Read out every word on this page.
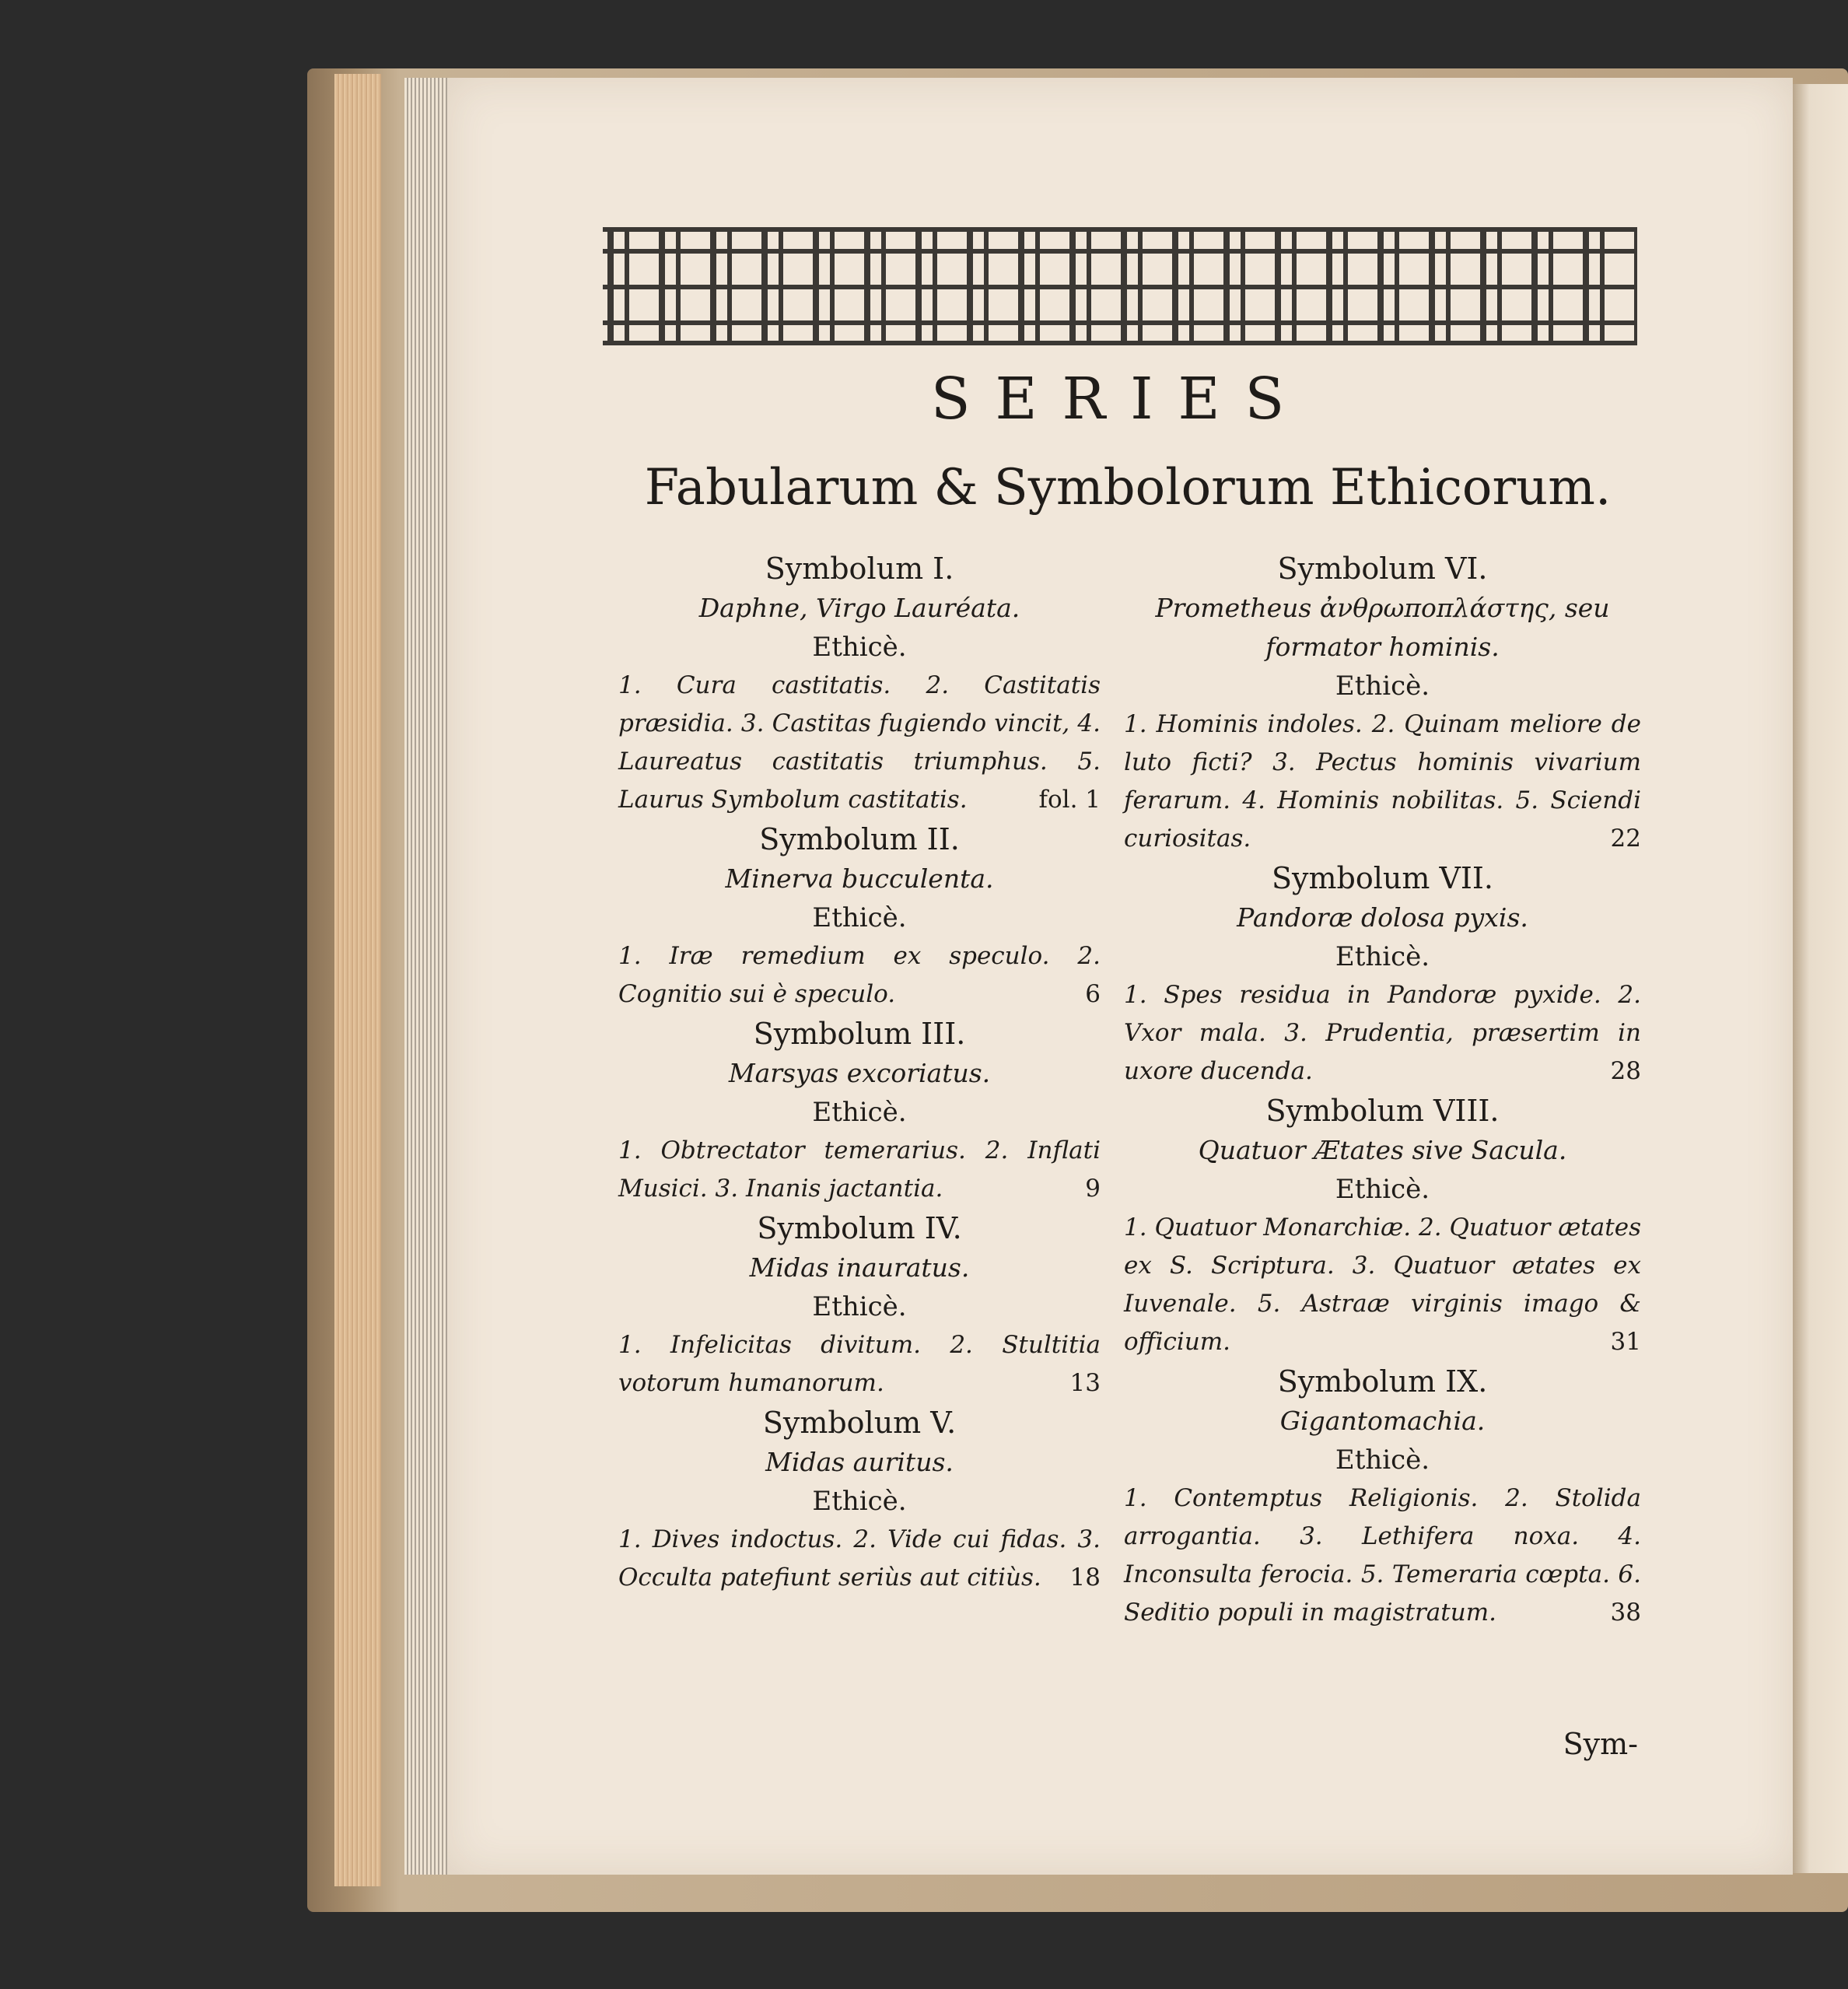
SERIES
Fabularum & Symbolorum Ethicorum.
Symbolum I.
Daphne, Virgo Lauréata.
Ethicè.
1. Cura castitatis. 2. Castitatis præsidia. 3. Castitas fugiendo vincit, 4. Laureatus castitatis triumphus. 5. Laurus Symbolum castitatis.	fol. 1
Symbolum II.
Minerva bucculenta.
Ethicè.
1. Iræ remedium ex speculo. 2. Cognitio sui è speculo.	6
Symbolum III.
Marsyas excoriatus.
Ethicè.
1. Obtrectator temerarius. 2. Inflati Musici. 3. Inanis jactantia.	9
Symbolum IV.
Midas inauratus.
Ethicè.
1. Infelicitas divitum. 2. Stultitia votorum humanorum.	13
Symbolum V.
Midas auritus.
Ethicè.
1. Dives indoctus. 2. Vide cui fidas. 3. Occulta patefiunt seriùs aut citiùs. 18
Symbolum VI.
Prometheus ἀνθρωποπλάστης, seu formator hominis.
Ethicè.
1. Hominis indoles. 2. Quinam meliore de luto ficti? 3. Pectus hominis vivarium ferarum. 4. Hominis nobilitas. 5. Sciendi curiositas.	22
Symbolum VII.
Pandoræ dolosa pyxis.
Ethicè.
1. Spes residua in Pandoræ pyxide. 2. Vxor mala. 3. Prudentia, præsertim in uxore ducenda.	28
Symbolum VIII.
Quatuor Ætates sive Sacula.
Ethicè.
1. Quatuor Monarchiæ. 2. Quatuor ætates ex S. Scriptura. 3. Quatuor ætates ex Iuvenale. 5. Astraæ virginis imago & officium.	31
Symbolum IX.
Gigantomachia.
Ethicè.
1. Contemptus Religionis. 2. Stolida arrogantia. 3. Lethifera noxa. 4. Inconsulta ferocia. 5. Temeraria cœpta. 6. Seditio populi in magistratum.	38
Sym-
